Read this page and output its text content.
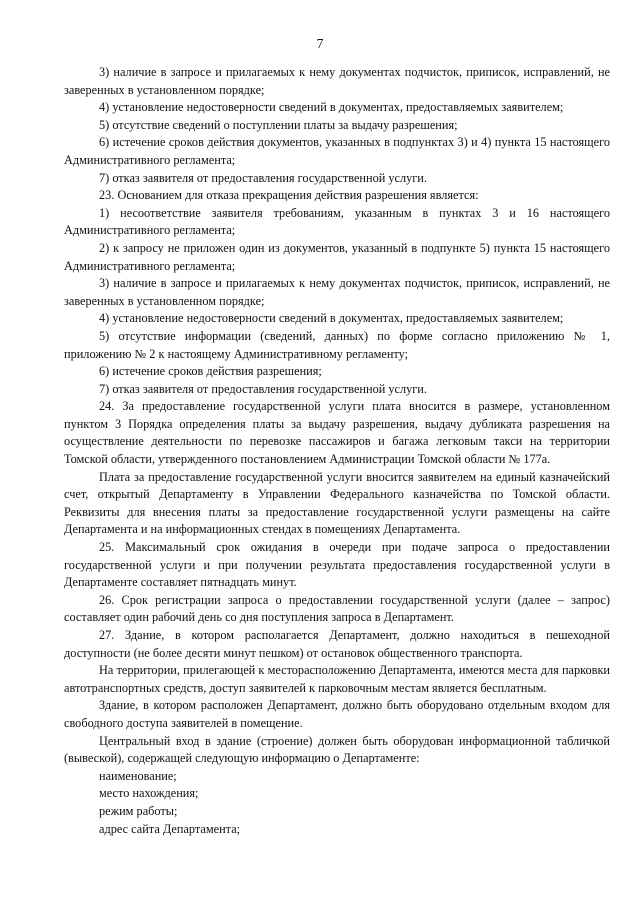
7

3) наличие в запросе и прилагаемых к нему документах подчисток, приписок, исправлений, не заверенных в установленном порядке;

4) установление недостоверности сведений в документах, предоставляемых заявителем;

5) отсутствие сведений о поступлении платы за выдачу разрешения;

6) истечение сроков действия документов, указанных в подпунктах 3) и 4) пункта 15 настоящего Административного регламента;

7) отказ заявителя от предоставления государственной услуги.

23. Основанием для отказа прекращения действия разрешения является:

1) несоответствие заявителя требованиям, указанным в пунктах 3 и 16 настоящего Административного регламента;

2) к запросу не приложен один из документов, указанный в подпункте 5) пункта 15 настоящего Административного регламента;

3) наличие в запросе и прилагаемых к нему документах подчисток, приписок, исправлений, не заверенных в установленном порядке;

4) установление недостоверности сведений в документах, предоставляемых заявителем;

5) отсутствие информации (сведений, данных) по форме согласно приложению № 1, приложению № 2 к настоящему Административному регламенту;

6) истечение сроков действия разрешения;

7) отказ заявителя от предоставления государственной услуги.

24. За предоставление государственной услуги плата вносится в размере, установленном пунктом 3 Порядка определения платы за выдачу разрешения, выдачу дубликата разрешения на осуществление деятельности по перевозке пассажиров и багажа легковым такси на территории Томской области, утвержденного постановлением Администрации Томской области № 177а.

Плата за предоставление государственной услуги вносится заявителем на единый казначейский счет, открытый Департаменту в Управлении Федерального казначейства по Томской области. Реквизиты для внесения платы за предоставление государственной услуги размещены на сайте Департамента и на информационных стендах в помещениях Департамента.

25. Максимальный срок ожидания в очереди при подаче запроса о предоставлении государственной услуги и при получении результата предоставления государственной услуги в Департаменте составляет пятнадцать минут.

26. Срок регистрации запроса о предоставлении государственной услуги (далее – запрос) составляет один рабочий день со дня поступления запроса в Департамент.

27. Здание, в котором располагается Департамент, должно находиться в пешеходной доступности (не более десяти минут пешком) от остановок общественного транспорта.

На территории, прилегающей к месторасположению Департамента, имеются места для парковки автотранспортных средств, доступ заявителей к парковочным местам является бесплатным.

Здание, в котором расположен Департамент, должно быть оборудовано отдельным входом для свободного доступа заявителей в помещение.

Центральный вход в здание (строение) должен быть оборудован информационной табличкой (вывеской), содержащей следующую информацию о Департаменте:

наименование;

место нахождения;

режим работы;

адрес сайта Департамента;
